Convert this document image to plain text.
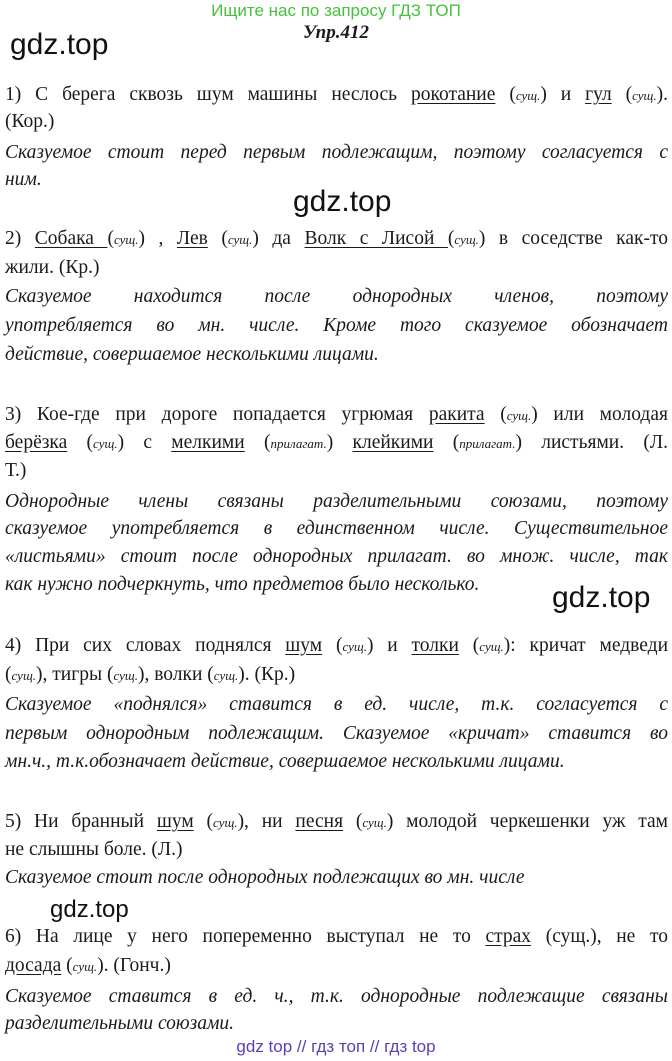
Ищите нас по запросу ГДЗ ТОП
gdz.top	Упр.412
1) С берега сквозь шум машины неслось рокотание (сущ.) и гул (сущ.).
(Кор.)
Сказуемое стоит перед первым подлежащим, поэтому согласуется с
ним.
gdz.top
2) Собака (сущ.) , Лев (сущ.) да Волк с Лисой (сущ.) в соседстве как-то
жили. (Кр.)
Сказуемое находится после однородных членов, поэтому
употребляется во мн. числе. Кроме того сказуемое обозначает
действие, совершаемое несколькими лицами.
3) Кое-где при дороге попадается угрюмая ракита (сущ.) или молодая
берёзка (сущ.) с мелкими (прилагат.) клейкими (прилагат.) листьями. (Л.
Т.)
Однородные члены связаны разделительными союзами, поэтому
сказуемое употребляется в единственном числе. Существительное
«листьями» стоит после однородных прилагат. во множ. числе, так
как нужно подчеркнуть, что предметов было несколько.	gdz.top
4) При сих словах поднялся шум (сущ.) и толки (сущ.): кричат медведи
(сущ.), тигры (сущ.), волки (сущ.). (Кр.)
Сказуемое «поднялся» ставится в ед. числе, т.к. согласуется с
первым однородным подлежащим. Сказуемое «кричат» ставится во
мн.ч., т.к.обозначает действие, совершаемое несколькими лицами.
5) Ни бранный шум (сущ.), ни песня (сущ.) молодой черкешенки уж там
не слышны боле. (Л.)
Сказуемое стоит после однородных подлежащих во мн. числе
gdz.top
6) На лице у него попеременно выступал не то страх (сущ.), не то
досада (сущ.). (Гонч.)
Сказуемое ставится в ед. ч., т.к. однородные подлежащие связаны
разделительными союзами.
gdz top // гдз топ // гдз top
